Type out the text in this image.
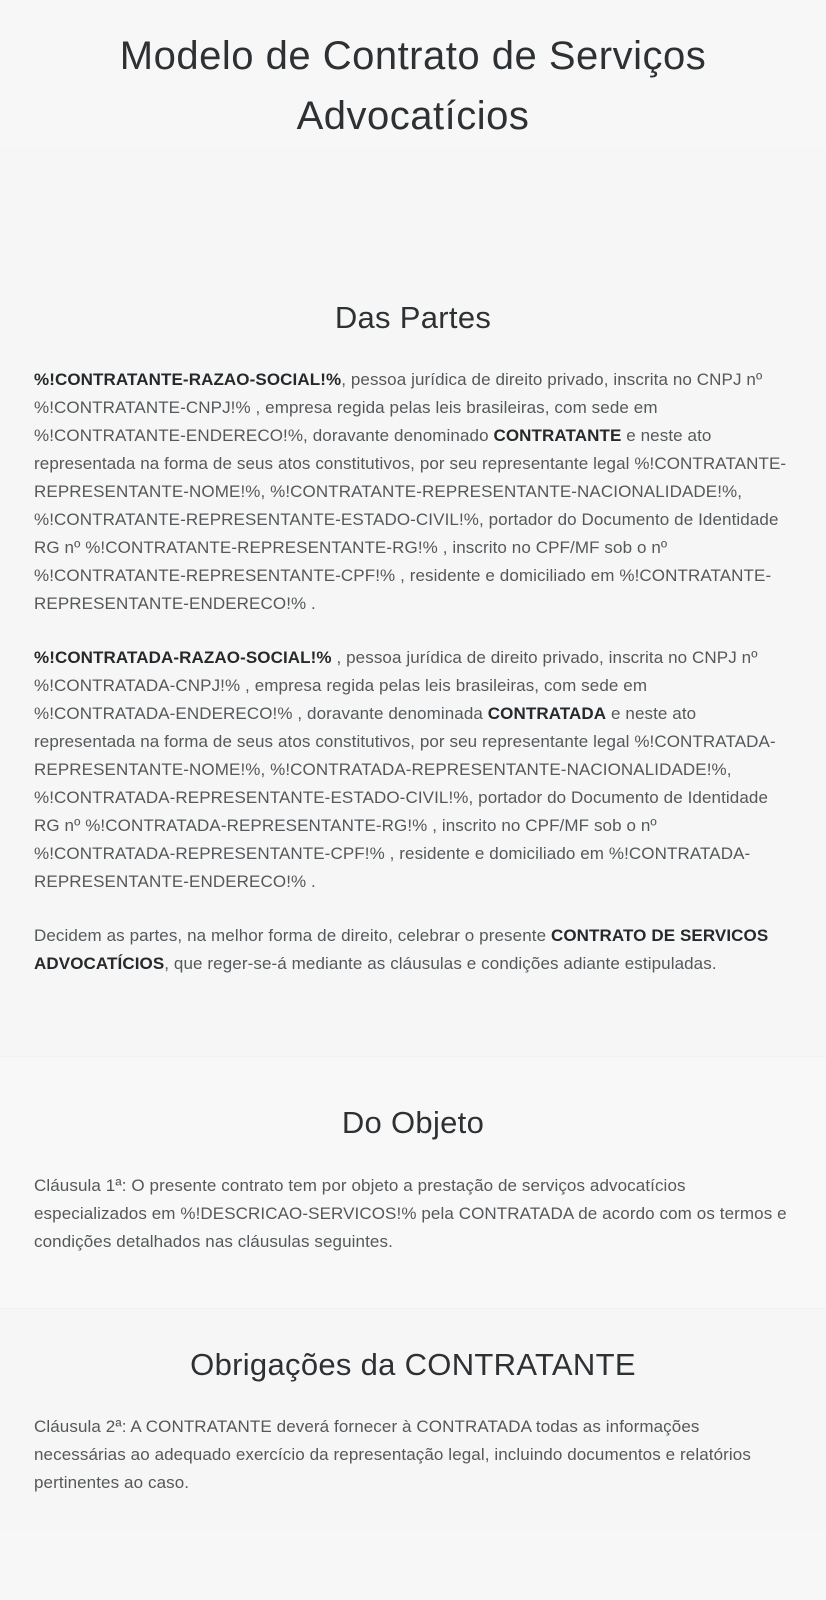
Modelo de Contrato de Serviços Advocatícios
Das Partes

%!CONTRATANTE-RAZAO-SOCIAL!%, pessoa jurídica de direito privado, inscrita no CNPJ nº %!CONTRATANTE-CNPJ!% , empresa regida pelas leis brasileiras, com sede em %!CONTRATANTE-ENDERECO!%, doravante denominado CONTRATANTE e neste ato representada na forma de seus atos constitutivos, por seu representante legal %!CONTRATANTE-REPRESENTANTE-NOME!%, %!CONTRATANTE-REPRESENTANTE-NACIONALIDADE!%, %!CONTRATANTE-REPRESENTANTE-ESTADO-CIVIL!%, portador do Documento de Identidade RG nº %!CONTRATANTE-REPRESENTANTE-RG!% , inscrito no CPF/MF sob o nº %!CONTRATANTE-REPRESENTANTE-CPF!% , residente e domiciliado em %!CONTRATANTE-REPRESENTANTE-ENDERECO!% .

%!CONTRATADA-RAZAO-SOCIAL!% , pessoa jurídica de direito privado, inscrita no CNPJ nº %!CONTRATADA-CNPJ!% , empresa regida pelas leis brasileiras, com sede em %!CONTRATADA-ENDERECO!% , doravante denominada CONTRATADA e neste ato representada na forma de seus atos constitutivos, por seu representante legal %!CONTRATADA-REPRESENTANTE-NOME!%, %!CONTRATADA-REPRESENTANTE-NACIONALIDADE!%, %!CONTRATADA-REPRESENTANTE-ESTADO-CIVIL!%, portador do Documento de Identidade RG nº %!CONTRATADA-REPRESENTANTE-RG!% , inscrito no CPF/MF sob o nº %!CONTRATADA-REPRESENTANTE-CPF!% , residente e domiciliado em %!CONTRATADA-REPRESENTANTE-ENDERECO!% .

Decidem as partes, na melhor forma de direito, celebrar o presente CONTRATO DE SERVICOS ADVOCATÍCIOS, que reger-se-á mediante as cláusulas e condições adiante estipuladas.

Do Objeto

Cláusula 1ª: O presente contrato tem por objeto a prestação de serviços advocatícios especializados em %!DESCRICAO-SERVICOS!% pela CONTRATADA de acordo com os termos e condições detalhados nas cláusulas seguintes.

Obrigações da CONTRATANTE

Cláusula 2ª: A CONTRATANTE deverá fornecer à CONTRATADA todas as informações necessárias ao adequado exercício da representação legal, incluindo documentos e relatórios pertinentes ao caso.
